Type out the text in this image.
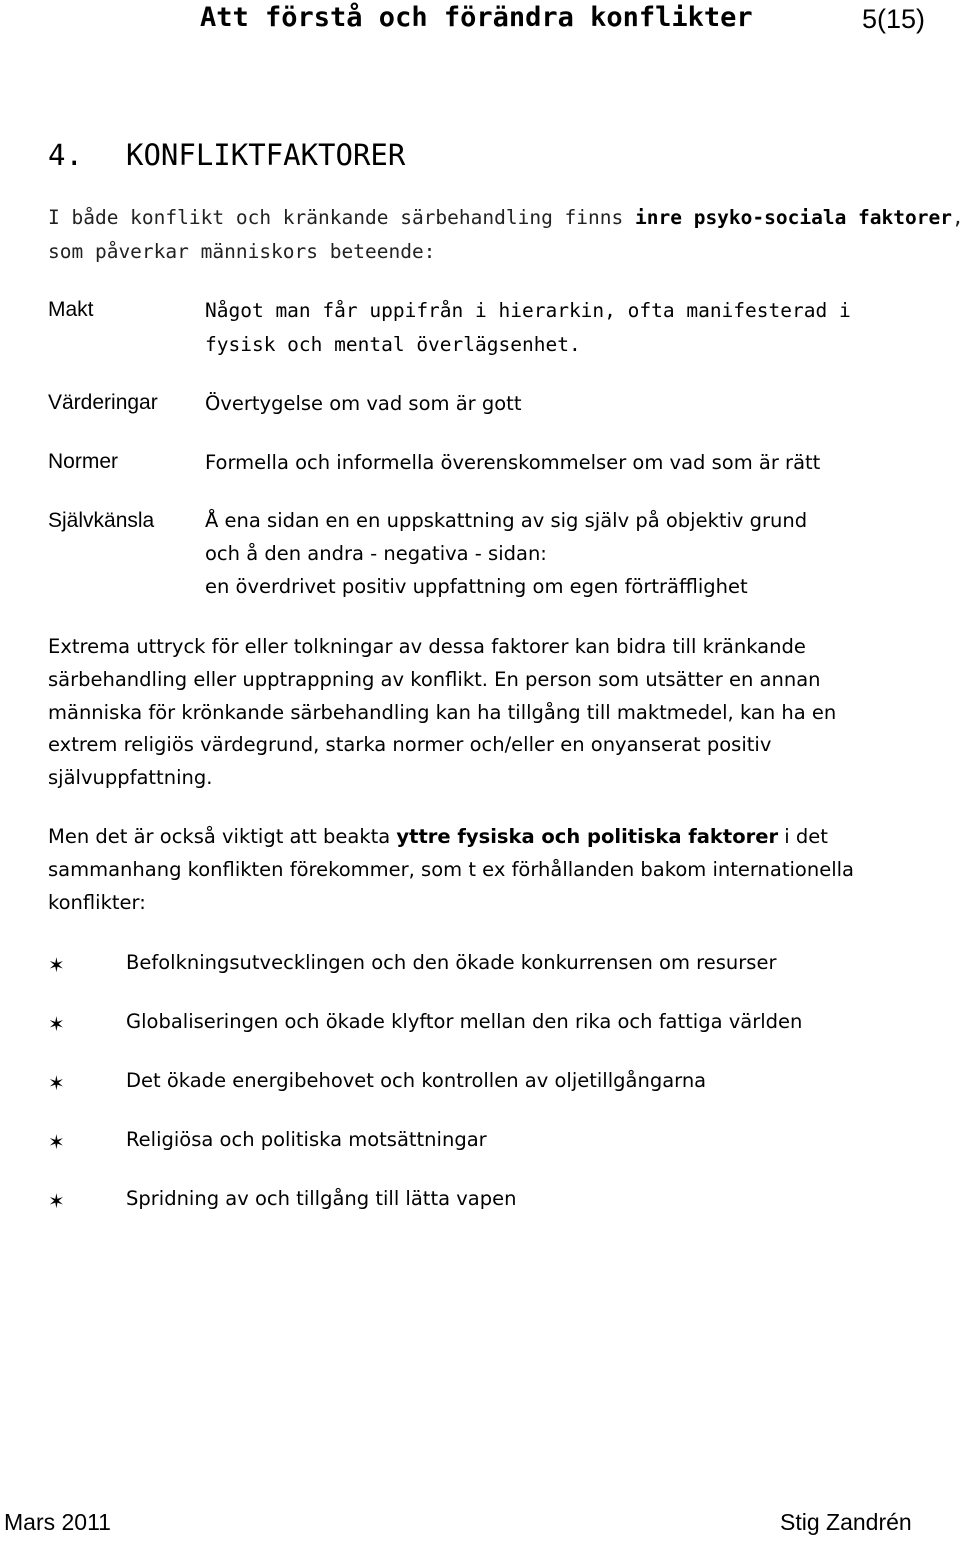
Att förstå och förändra konflikter	5(15)
4. KONFLIKTFAKTORER
I både konflikt och kränkande särbehandling finns inre psyko-sociala faktorer,
som påverkar människors beteende:
Makt	Något man får uppifrån i hierarkin, ofta manifesterad i
fysisk och mental överlägsenhet.
Värderingar Övertygelse om vad som är gott
Normer	Formella och informella överenskommelser om vad som är rätt
Självkänsla	Å ena sidan en en uppskattning av sig själv på objektiv grund
och å den andra - negativa - sidan:
en överdrivet positiv uppfattning om egen förträfflighet
Extrema uttryck för eller tolkningar av dessa faktorer kan bidra till kränkande
särbehandling eller upptrappning av konflikt. En person som utsätter en annan
människa för krönkande särbehandling kan ha tillgång till maktmedel, kan ha en
extrem religiös värdegrund, starka normer och/eller en onyanserat positiv
självuppfattning.
Men det är också viktigt att beakta yttre fysiska och politiska faktorer i det
sammanhang konflikten förekommer, som t ex förhållanden bakom internationella
konflikter:
✶	Befolkningsutvecklingen och den ökade konkurrensen om resurser
✶	Globaliseringen och ökade klyftor mellan den rika och fattiga världen
✶	Det ökade energibehovet och kontrollen av oljetillgångarna
✶	Religiösa och politiska motsättningar
✶	Spridning av och tillgång till lätta vapen
Mars 2011	Stig Zandrén
